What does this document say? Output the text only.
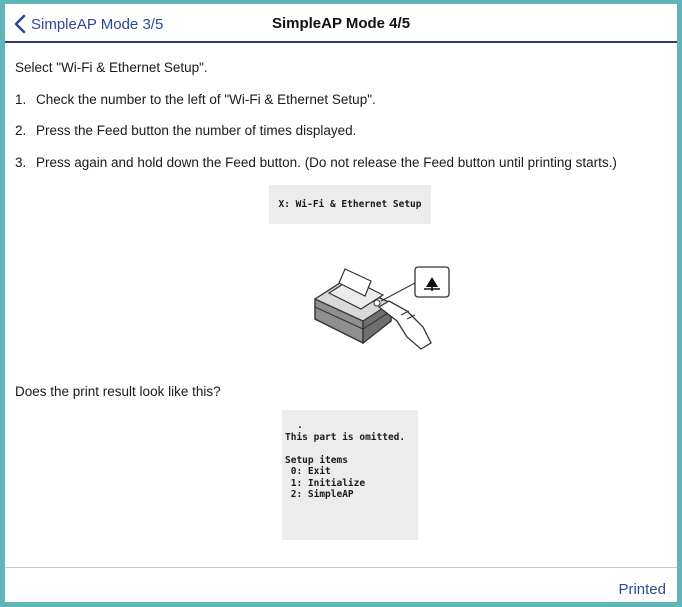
SimpleAP Mode 3/5	SimpleAP Mode 4/5
Select "Wi-Fi & Ethernet Setup".
1. Check the number to the left of "Wi-Fi & Ethernet Setup".
2. Press the Feed button the number of times displayed.
3. Press again and hold down the Feed button. (Do not release the Feed button until printing starts.)
X: Wi-Fi & Ethernet Setup
Does the print result look like this?
.
This part is omitted.

Setup items
0: Exit
1: Initialize
2: SimpleAP
Printed
